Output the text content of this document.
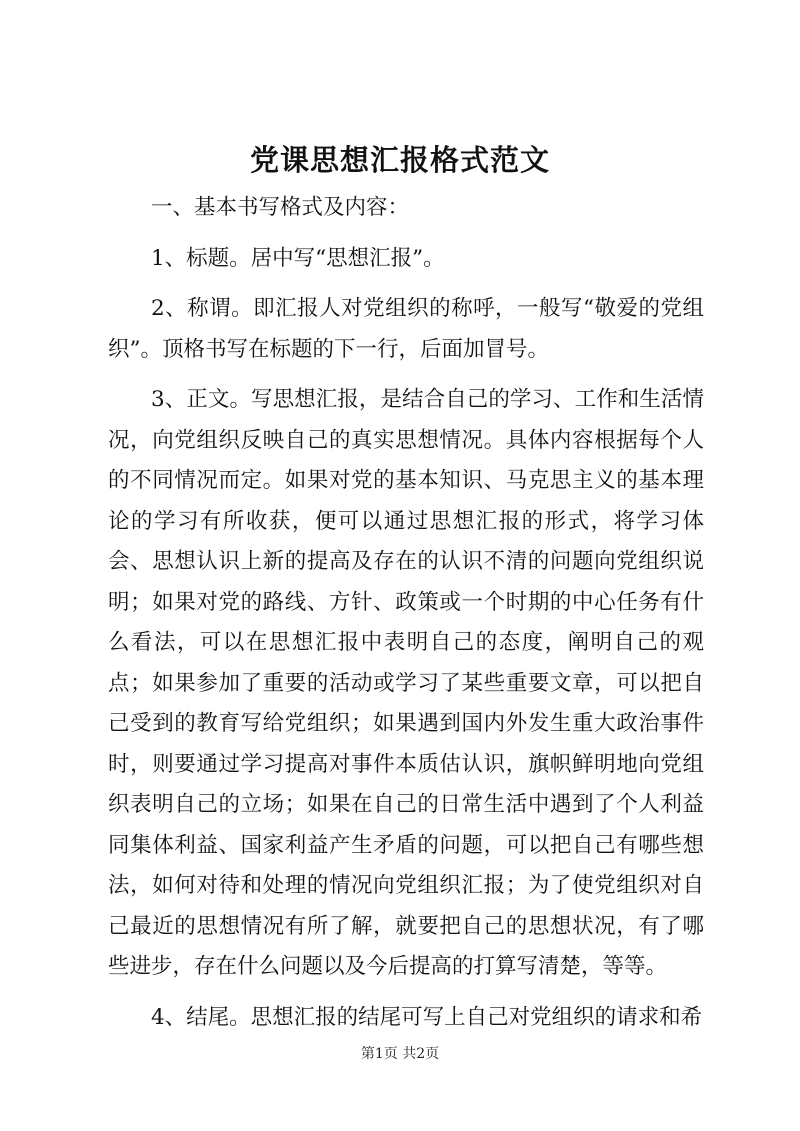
党课思想汇报格式范文

一、基本书写格式及内容：

1、标题。居中写“思想汇报”。

2、称谓。即汇报人对党组织的称呼，一般写“敬爱的党组织”。顶格书写在标题的下一行，后面加冒号。

3、正文。写思想汇报，是结合自己的学习、工作和生活情况，向党组织反映自己的真实思想情况。具体内容根据每个人的不同情况而定。如果对党的基本知识、马克思主义的基本理论的学习有所收获，便可以通过思想汇报的形式，将学习体会、思想认识上新的提高及存在的认识不清的问题向党组织说明；如果对党的路线、方针、政策或一个时期的中心任务有什么看法，可以在思想汇报中表明自己的态度，阐明自己的观点；如果参加了重要的活动或学习了某些重要文章，可以把自己受到的教育写给党组织；如果遇到国内外发生重大政治事件时，则要通过学习提高对事件本质估认识，旗帜鲜明地向党组织表明自己的立场；如果在自己的日常生活中遇到了个人利益同集体利益、国家利益产生矛盾的问题，可以把自己有哪些想法，如何对待和处理的情况向党组织汇报；为了使党组织对自己最近的思想情况有所了解，就要把自己的思想状况，有了哪些进步，存在什么问题以及今后提高的打算写清楚，等等。

4、结尾。思想汇报的结尾可写上自己对党组织的请求和希

第1页 共2页
